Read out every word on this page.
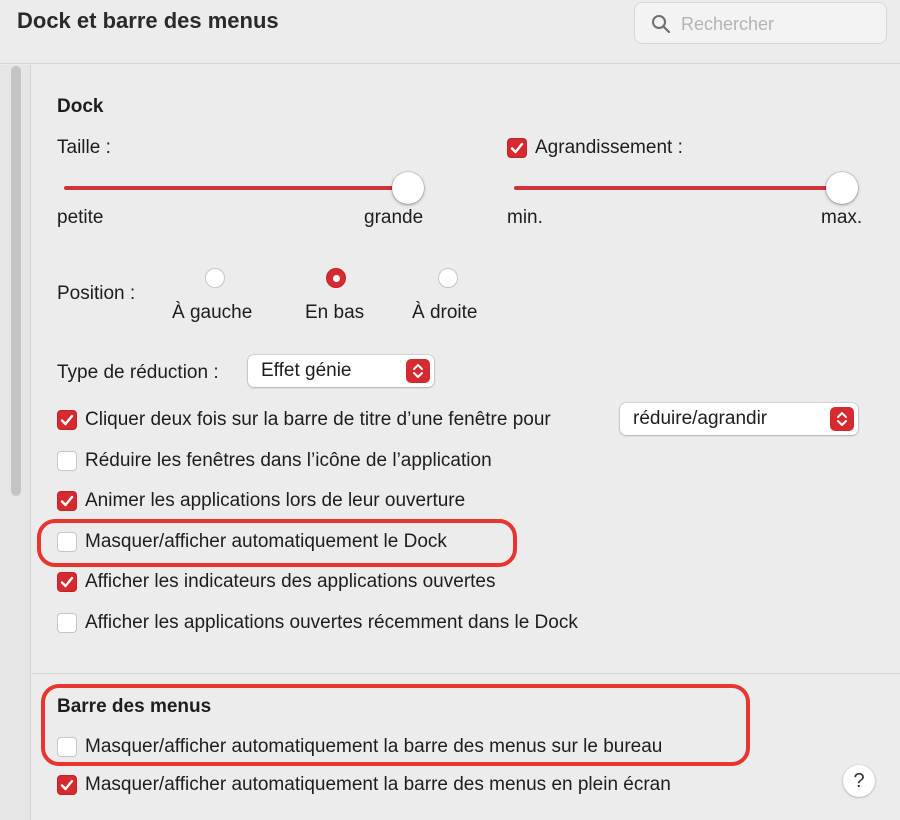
Dock et barre des menus
Rechercher
Dock
Taille :
petite	grande
Agrandissement :
min.	max.
Position :
À gauche	En bas	À droite
Type de réduction : Effet génie
Cliquer deux fois sur la barre de titre d’une fenêtre pour	réduire/agrandir
Réduire les fenêtres dans l’icône de l’application
Animer les applications lors de leur ouverture
Masquer/afficher automatiquement le Dock
Afficher les indicateurs des applications ouvertes
Afficher les applications ouvertes récemment dans le Dock
Barre des menus
Masquer/afficher automatiquement la barre des menus sur le bureau
Masquer/afficher automatiquement la barre des menus en plein écran	?
